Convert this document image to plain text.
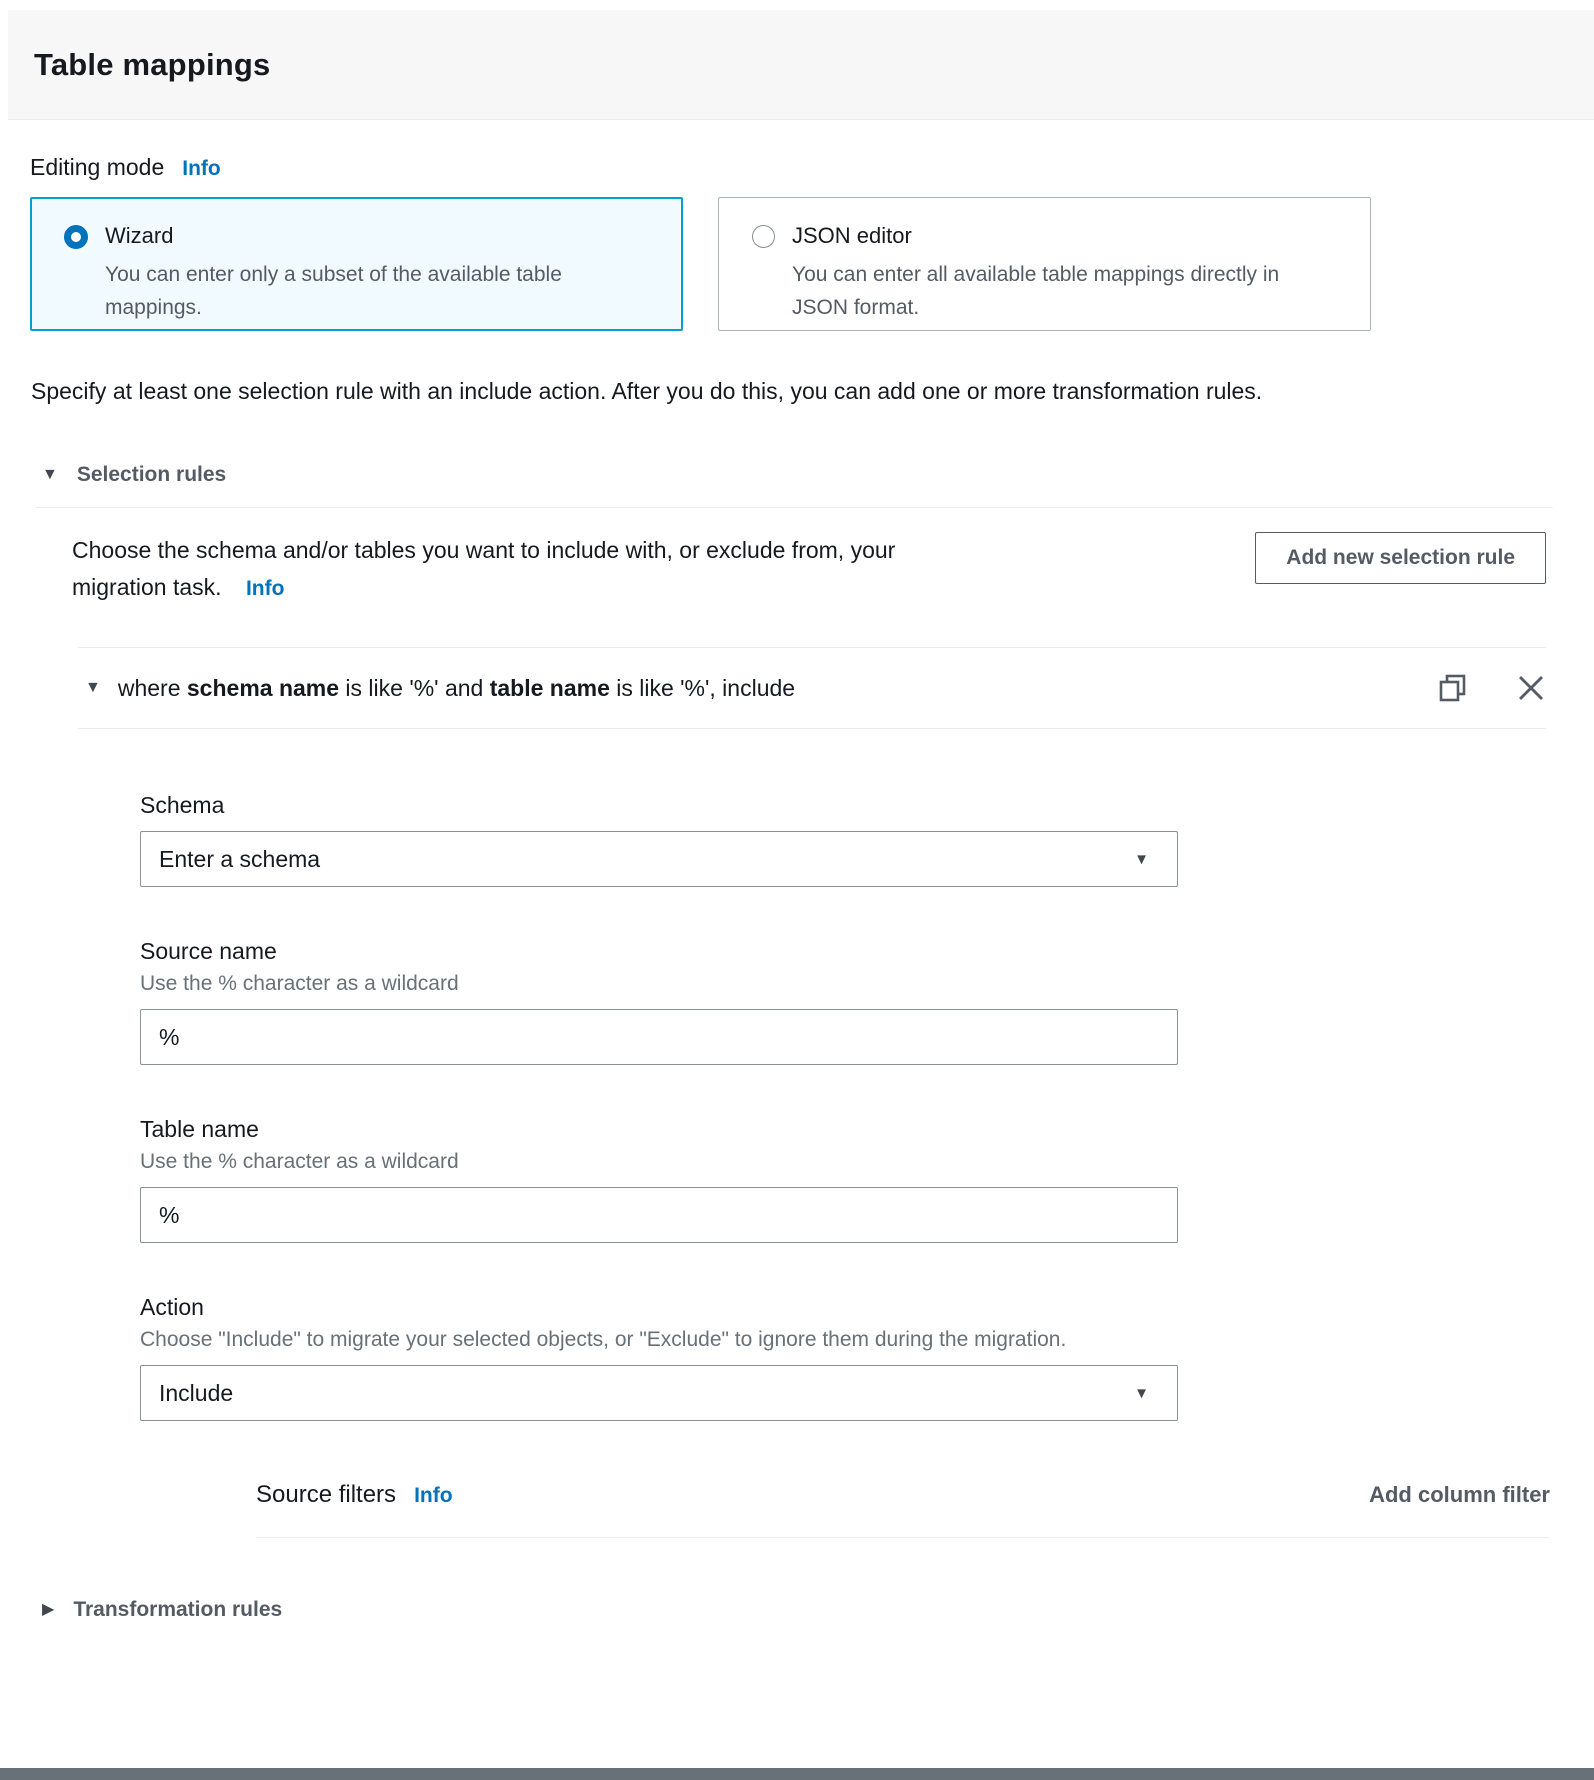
Table mappings
Editing mode Info
Wizard
You can enter only a subset of the available table mappings.
JSON editor
You can enter all available table mappings directly in JSON format.

Specify at least one selection rule with an include action. After you do this, you can add one or more transformation rules.

▼ Selection rules
Choose the schema and/or tables you want to include with, or exclude from, your migration task. Info
Add new selection rule
▼ where schema name is like '%' and table name is like '%', include
Schema
Enter a schema	▼
Source name
Use the % character as a wildcard
%
Table name
Use the % character as a wildcard
%
Action
Choose "Include" to migrate your selected objects, or "Exclude" to ignore them during the migration.
Include	▼
Source filters Info	Add column filter
▶ Transformation rules
